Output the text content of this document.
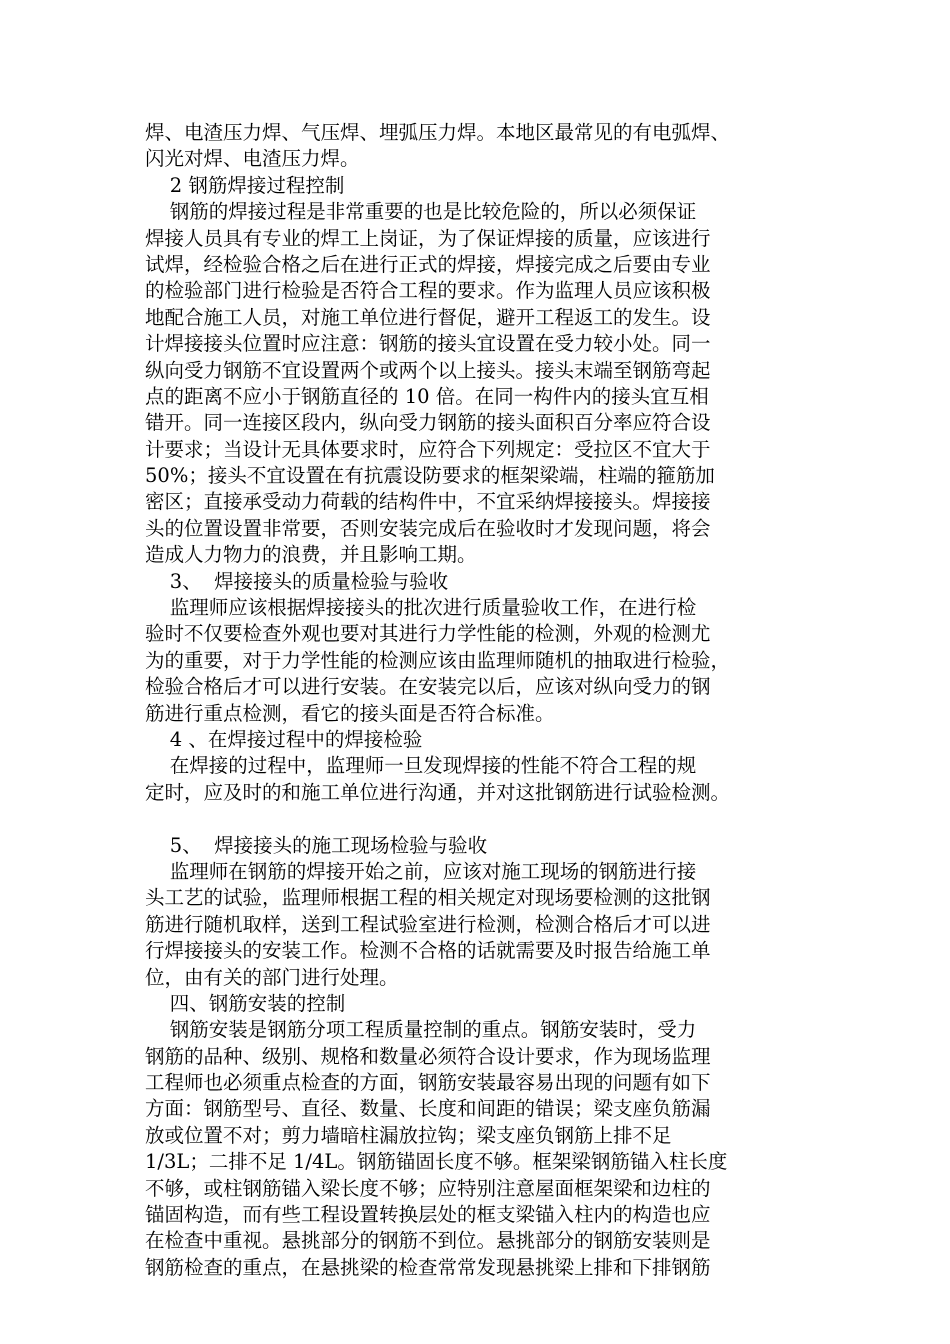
焊、电渣压力焊、气压焊、埋弧压力焊。本地区最常见的有电弧焊、
闪光对焊、电渣压力焊。
2 钢筋焊接过程控制
钢筋的焊接过程是非常重要的也是比较危险的，所以必须保证
焊接人员具有专业的焊工上岗证，为了保证焊接的质量，应该进行
试焊，经检验合格之后在进行正式的焊接，焊接完成之后要由专业
的检验部门进行检验是否符合工程的要求。作为监理人员应该积极
地配合施工人员，对施工单位进行督促，避开工程返工的发生。设
计焊接接头位置时应注意：钢筋的接头宜设置在受力较小处。同一
纵向受力钢筋不宜设置两个或两个以上接头。接头末端至钢筋弯起
点的距离不应小于钢筋直径的 10 倍。在同一构件内的接头宜互相
错开。同一连接区段内，纵向受力钢筋的接头面积百分率应符合设
计要求；当设计无具体要求时，应符合下列规定：受拉区不宜大于
50%；接头不宜设置在有抗震设防要求的框架梁端，柱端的箍筋加
密区；直接承受动力荷载的结构件中，不宜采纳焊接接头。焊接接
头的位置设置非常要，否则安装完成后在验收时才发现问题，将会
造成人力物力的浪费，并且影响工期。
3、  焊接接头的质量检验与验收
监理师应该根据焊接接头的批次进行质量验收工作，在进行检
验时不仅要检查外观也要对其进行力学性能的检测，外观的检测尤
为的重要，对于力学性能的检测应该由监理师随机的抽取进行检验，
检验合格后才可以进行安装。在安装完以后，应该对纵向受力的钢
筋进行重点检测，看它的接头面是否符合标准。
4 、在焊接过程中的焊接检验
在焊接的过程中，监理师一旦发现焊接的性能不符合工程的规
定时，应及时的和施工单位进行沟通，并对这批钢筋进行试验检测。
5、  焊接接头的施工现场检验与验收
监理师在钢筋的焊接开始之前，应该对施工现场的钢筋进行接
头工艺的试验，监理师根据工程的相关规定对现场要检测的这批钢
筋进行随机取样，送到工程试验室进行检测，检测合格后才可以进
行焊接接头的安装工作。检测不合格的话就需要及时报告给施工单
位，由有关的部门进行处理。
四、钢筋安装的控制
钢筋安装是钢筋分项工程质量控制的重点。钢筋安装时，受力
钢筋的品种、级别、规格和数量必须符合设计要求，作为现场监理
工程师也必须重点检查的方面，钢筋安装最容易出现的问题有如下
方面：钢筋型号、直径、数量、长度和间距的错误；梁支座负筋漏
放或位置不对；剪力墙暗柱漏放拉钩；梁支座负钢筋上排不足
1/3L；二排不足 1/4L。钢筋锚固长度不够。框架梁钢筋锚入柱长度
不够，或柱钢筋锚入梁长度不够；应特别注意屋面框架梁和边柱的
锚固构造，而有些工程设置转换层处的框支梁锚入柱内的构造也应
在检查中重视。悬挑部分的钢筋不到位。悬挑部分的钢筋安装则是
钢筋检查的重点，在悬挑梁的检查常常发现悬挑梁上排和下排钢筋
